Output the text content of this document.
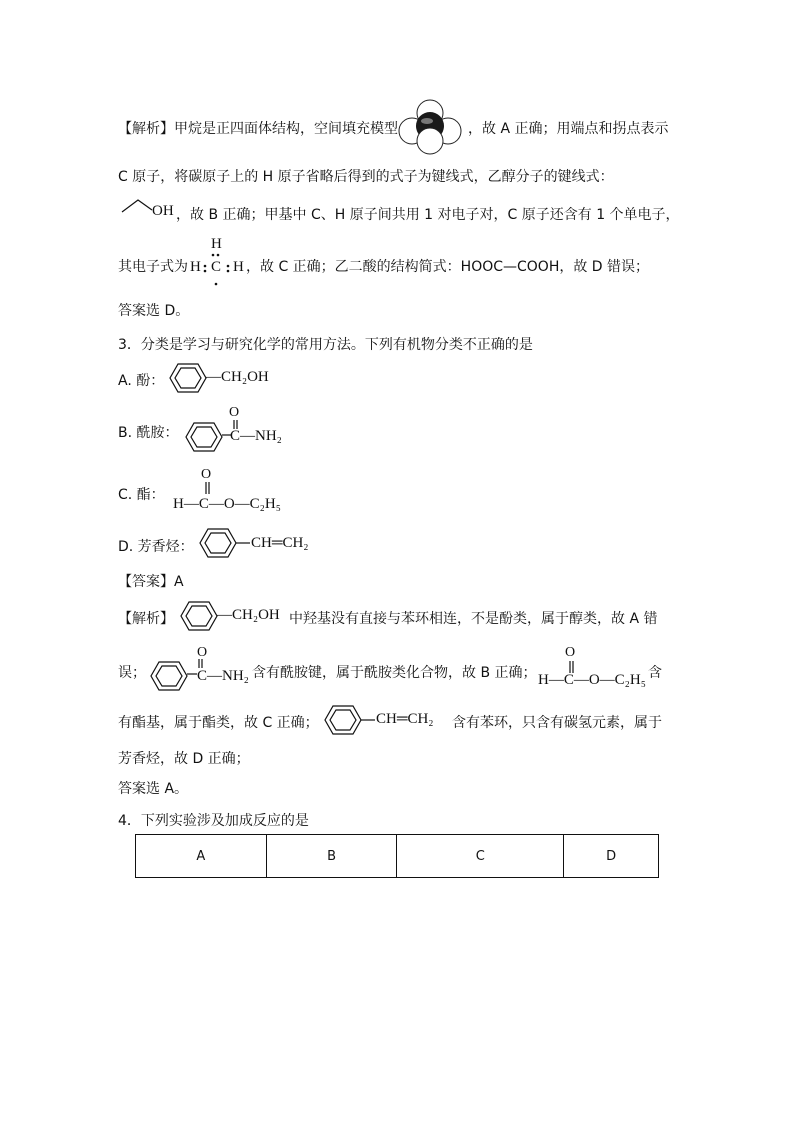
【解析】甲烷是正四面体结构，空间填充模型	，故 A 正确；用端点和拐点表示
C 原子，将碳原子上的 H 原子省略后得到的式子为键线式，乙醇分子的键线式：
OH ，故 B 正确；甲基中 C、H 原子间共用 1 对电子对，C 原子还含有 1 个单电子，
其电子式为
H
H C H ，故 C 正确；乙二酸的结构简式：HOOC—COOH，故 D 错误；
答案选 D。
3．分类是学习与研究化学的常用方法。下列有机物分类不正确的是
A. 酚：	—CH₂OH
B. 酰胺：
O
C—NH₂
C. 酯：
O
H—C—O—C₂H₅
D. 芳香烃：	CH═CH₂
【答案】A
【解析】	—CH₂OH 中羟基没有直接与苯环相连，不是酚类，属于醇类，故 A 错
误；
O
C—NH₂ 含有酰胺键，属于酰胺类化合物，故 B 正确；
O
H—C—O—C₂H₅ 含
有酯基，属于酯类，故 C 正确；	CH═CH₂ 含有苯环，只含有碳氢元素，属于
芳香烃，故 D 正确；
答案选 A。
4．下列实验涉及加成反应的是
A	B	C	D
